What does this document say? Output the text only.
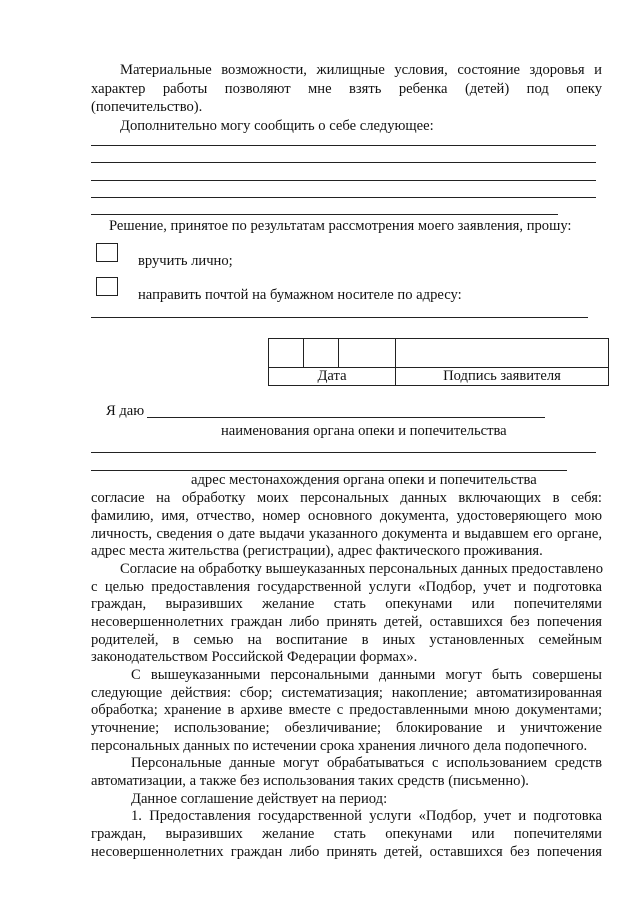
Материальные возможности, жилищные условия, состояние здоровья и
характер работы позволяют мне взять ребенка (детей) под опеку
(попечительство).
Дополнительно могу сообщить о себе следующее:
Решение, принятое по результатам рассмотрения моего заявления, прошу:
вручить лично;
направить почтой на бумажном носителе по адресу:

Дата			Подпись заявителя
Я даю
наименования органа опеки и попечительства
адрес местонахождения органа опеки и попечительства
согласие на обработку моих персональных данных включающих в себя:
фамилию, имя, отчество, номер основного документа, удостоверяющего мою
личность, сведения о дате выдачи указанного документа и выдавшем его органе,
адрес места жительства (регистрации), адрес фактического проживания.
Согласие на обработку вышеуказанных персональных данных предоставлено
с целью предоставления государственной услуги «Подбор, учет и подготовка
граждан, выразивших желание стать опекунами или попечителями
несовершеннолетних граждан либо принять детей, оставшихся без попечения
родителей, в семью на воспитание в иных установленных семейным
законодательством Российской Федерации формах».
С вышеуказанными персональными данными могут быть совершены
следующие действия: сбор; систематизация; накопление; автоматизированная
обработка; хранение в архиве вместе с предоставленными мною документами;
уточнение; использование; обезличивание; блокирование и уничтожение
персональных данных по истечении срока хранения личного дела подопечного.
Персональные данные могут обрабатываться с использованием средств
автоматизации, а также без использования таких средств (письменно).
Данное соглашение действует на период:
1. Предоставления государственной услуги «Подбор, учет и подготовка
граждан, выразивших желание стать опекунами или попечителями
несовершеннолетних граждан либо принять детей, оставшихся без попечения
